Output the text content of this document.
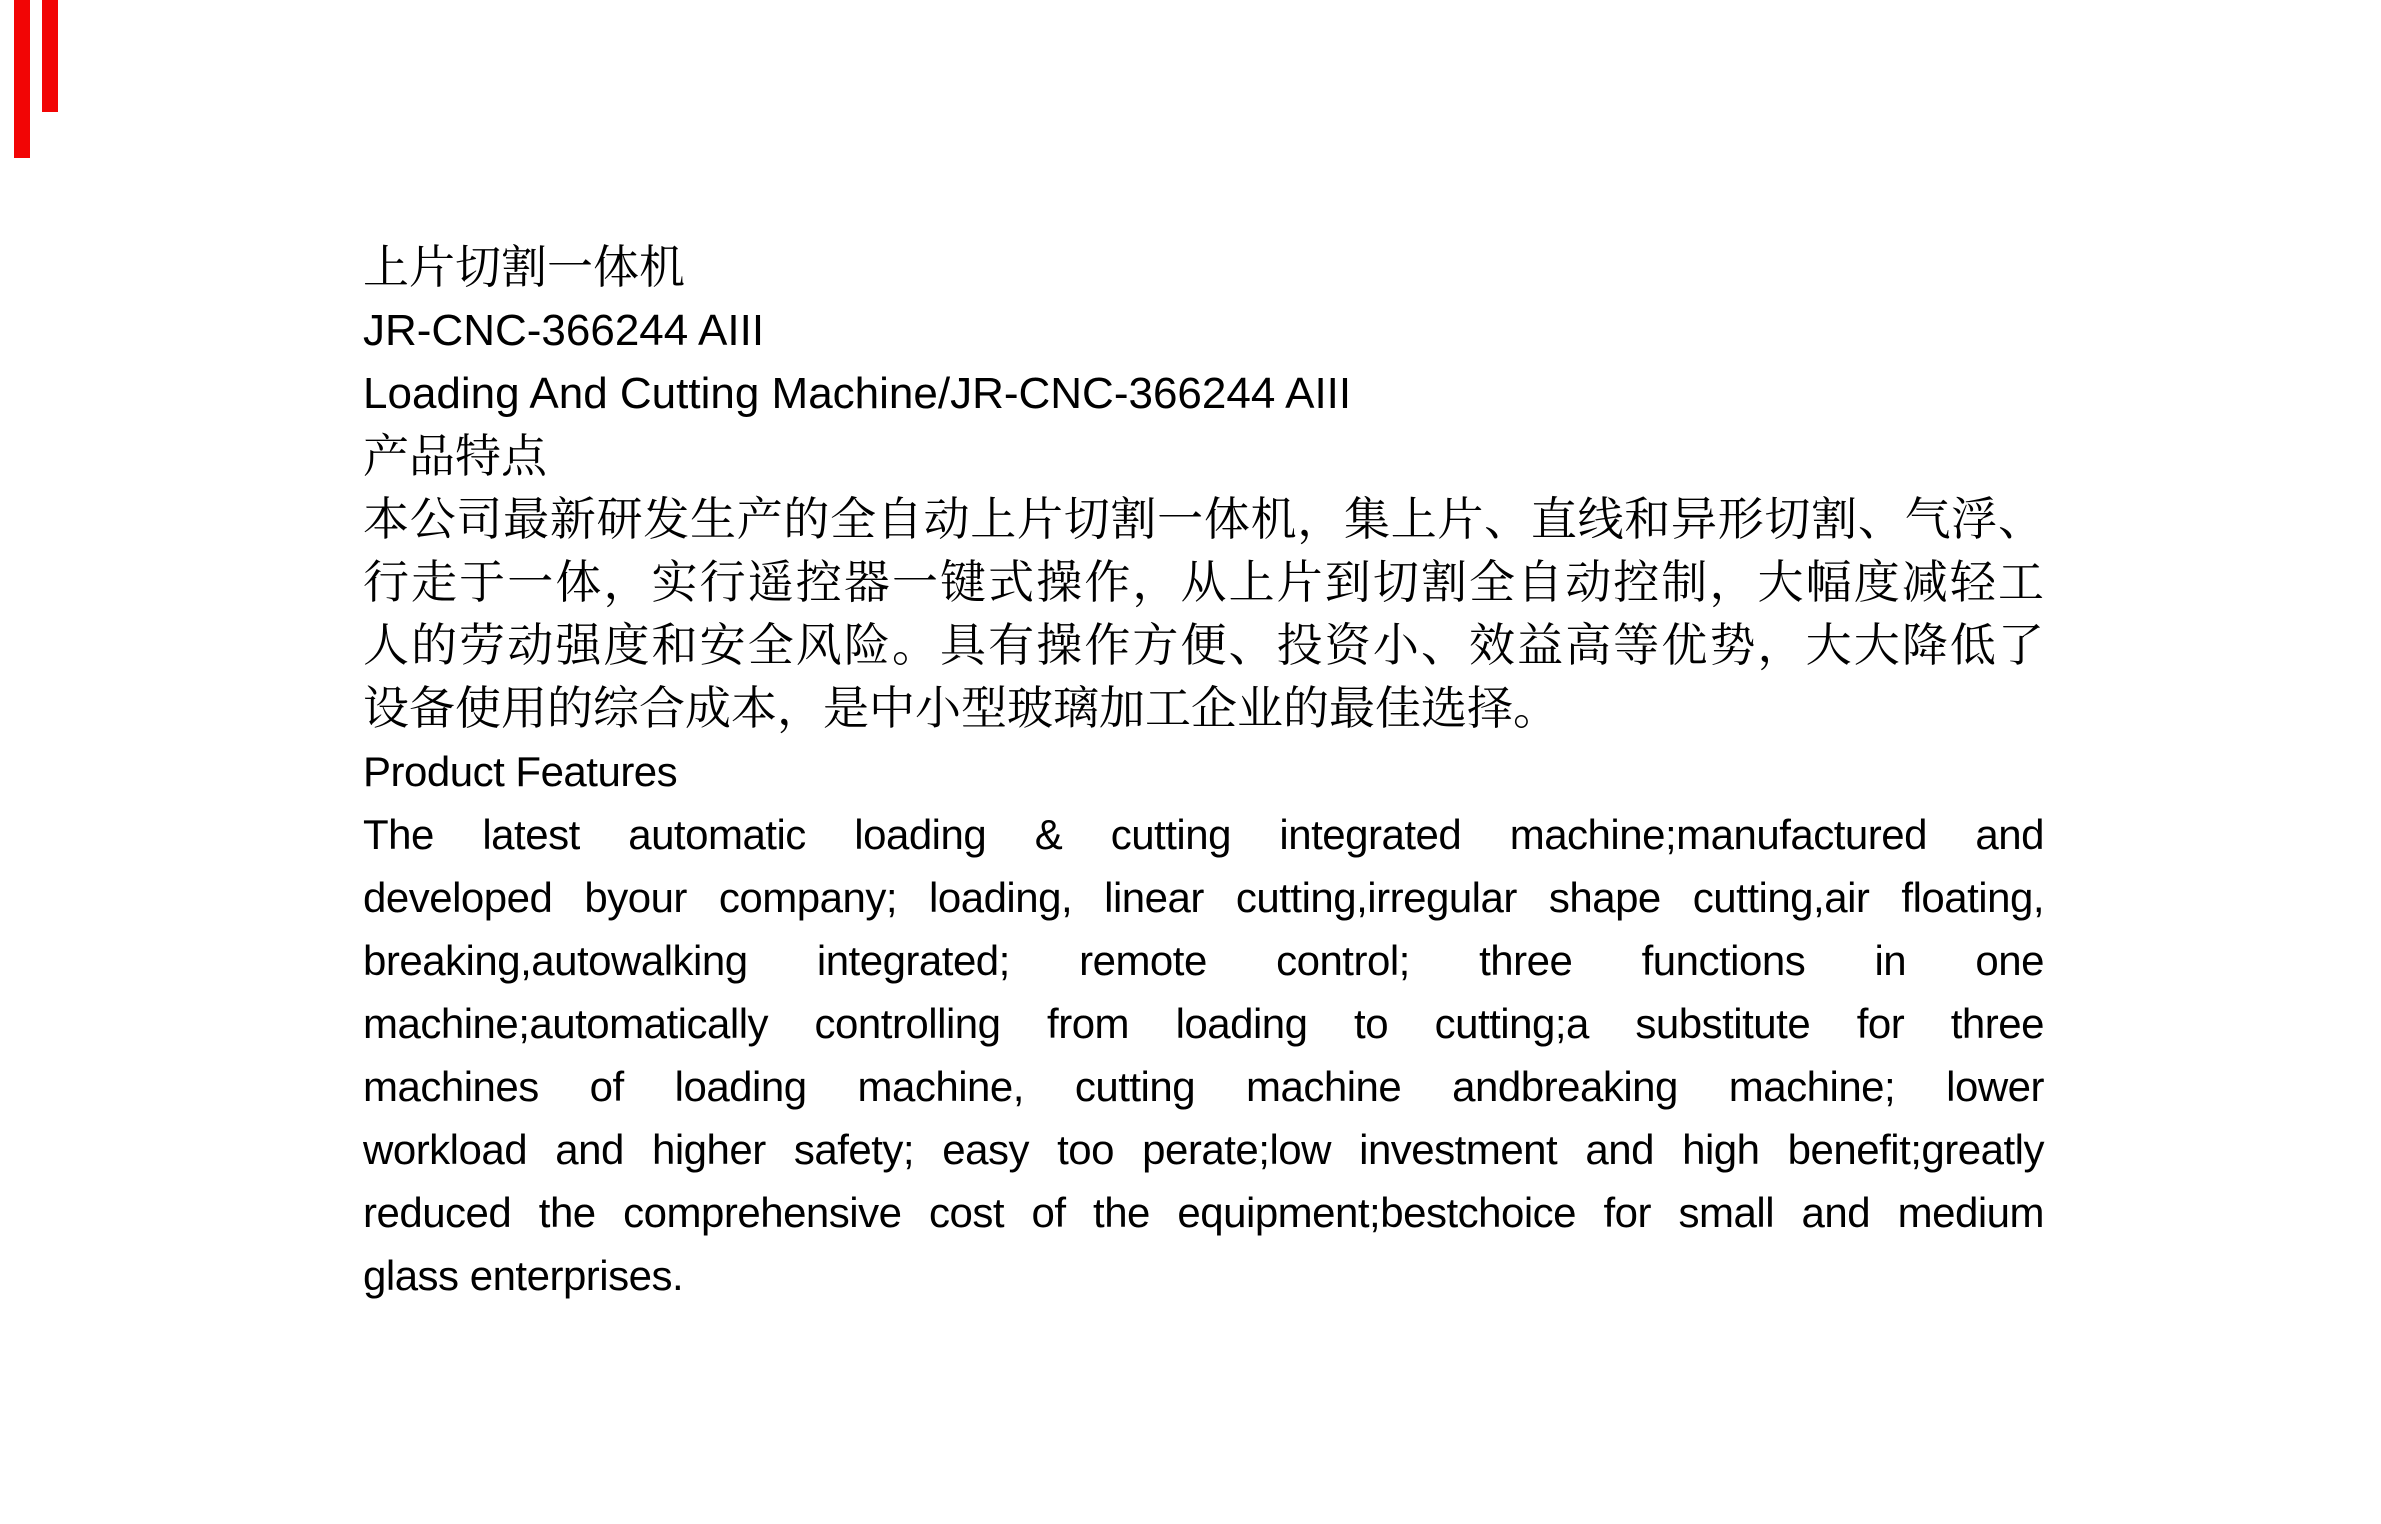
上片切割一体机
JR-CNC-366244 AIII
Loading And Cutting Machine/JR-CNC-366244 AIII
产品特点
本公司最新研发生产的全自动上片切割一体机，集上片、直线和异形切割、气浮、
行走于一体，实行遥控器一键式操作，从上片到切割全自动控制，大幅度减轻工
人的劳动强度和安全风险。具有操作方便、投资小、效益高等优势，大大降低了
设备使用的综合成本，是中小型玻璃加工企业的最佳选择。
Product Features
The latest automatic loading & cutting integrated machine;manufactured and
developed byour company; loading, linear cutting,irregular shape cutting,air floating,
breaking,autowalking integrated; remote control; three functions in one
machine;automatically controlling from loading to cutting;a substitute for three
machines of loading machine, cutting machine andbreaking machine; lower
workload and higher safety; easy too perate;low investment and high benefit;greatly
reduced the comprehensive cost of the equipment;bestchoice for small and medium
glass enterprises.
